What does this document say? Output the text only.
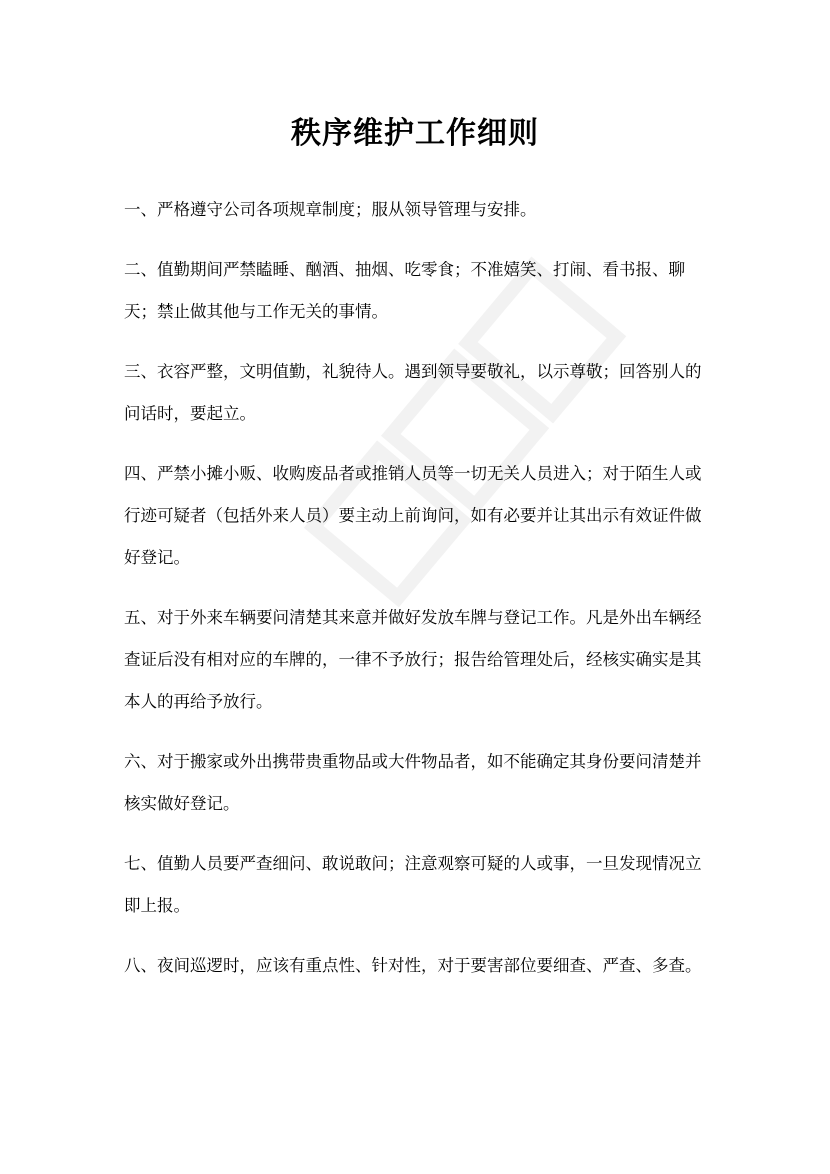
秩序维护工作细则

一、严格遵守公司各项规章制度；服从领导管理与安排。

二、值勤期间严禁瞌睡、酗酒、抽烟、吃零食；不准嬉笑、打闹、看书报、聊天；禁止做其他与工作无关的事情。

三、衣容严整，文明值勤，礼貌待人。遇到领导要敬礼，以示尊敬；回答别人的问话时，要起立。

四、严禁小摊小贩、收购废品者或推销人员等一切无关人员进入；对于陌生人或行迹可疑者（包括外来人员）要主动上前询问，如有必要并让其出示有效证件做好登记。

五、对于外来车辆要问清楚其来意并做好发放车牌与登记工作。凡是外出车辆经查证后没有相对应的车牌的，一律不予放行；报告给管理处后，经核实确实是其本人的再给予放行。

六、对于搬家或外出携带贵重物品或大件物品者，如不能确定其身份要问清楚并核实做好登记。

七、值勤人员要严查细问、敢说敢问；注意观察可疑的人或事，一旦发现情况立即上报。

八、夜间巡逻时，应该有重点性、针对性，对于要害部位要细查、严查、多查。
